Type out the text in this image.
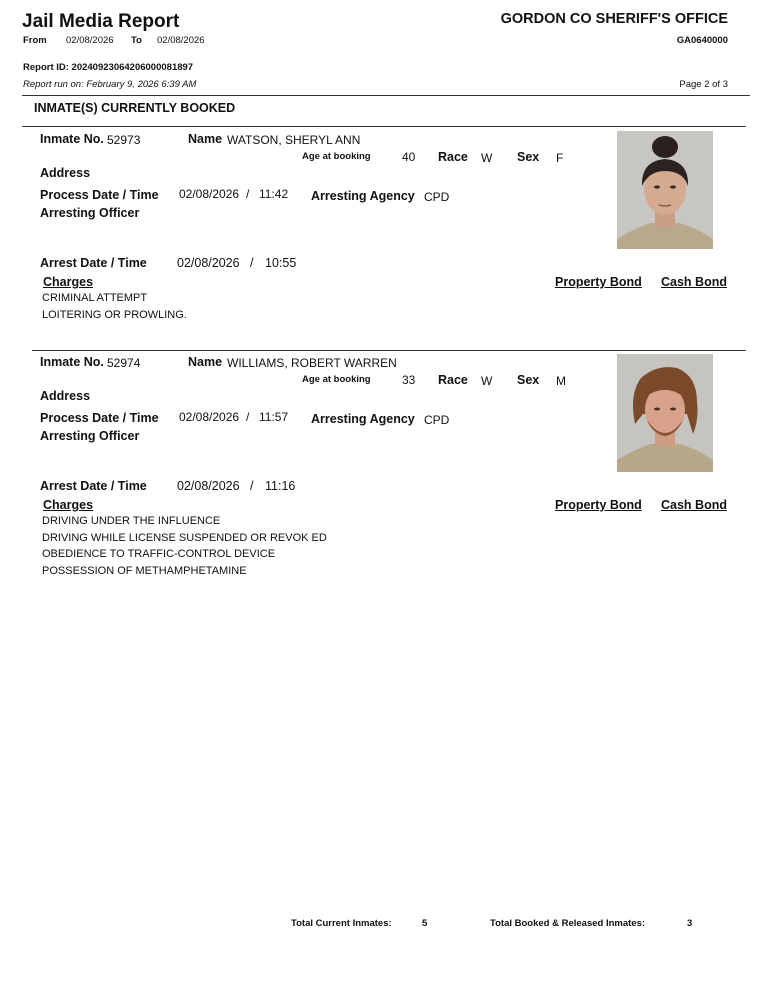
Jail Media Report	GORDON CO SHERIFF'S OFFICE
From 02/08/2026 To 02/08/2026	GA0640000
Report ID: 20240923064206000081897
Report run on: February 9, 2026 6:39 AM	Page 2 of 3
INMATE(S) CURRENTLY BOOKED
Inmate No. 52973	Name WATSON, SHERYL ANN
Age at booking	40 Race W Sex F
Address
Process Date / Time 02/08/2026 / 11:42 Arresting Agency CPD
Arresting Officer
Arrest Date / Time 02/08/2026 / 10:55
Charges	Property Bond Cash Bond
CRIMINAL ATTEMPT
LOITERING OR PROWLING.
Inmate No. 52974	Name WILLIAMS, ROBERT WARREN
Age at booking	33 Race W Sex M
Address
Process Date / Time 02/08/2026 / 11:57 Arresting Agency CPD
Arresting Officer
Arrest Date / Time 02/08/2026 / 11:16
Charges	Property Bond Cash Bond
DRIVING UNDER THE INFLUENCE
DRIVING WHILE LICENSE SUSPENDED OR REVOK ED
OBEDIENCE TO TRAFFIC-CONTROL DEVICE
POSSESSION OF METHAMPHETAMINE
Total Current Inmates:	5	Total Booked & Released Inmates:	3
